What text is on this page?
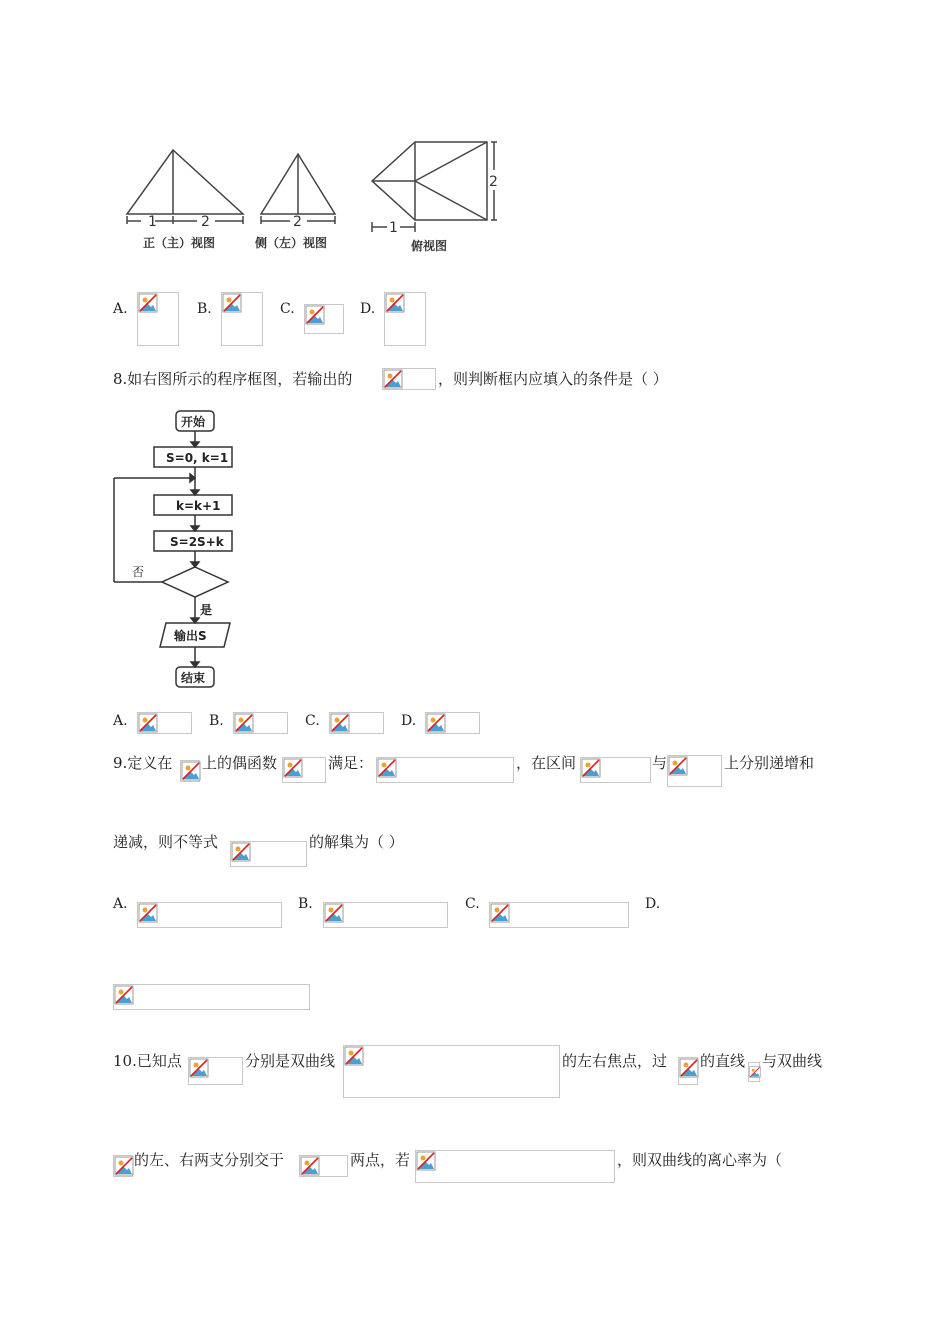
1	2
正（主）视图
2
侧（左）视图
2
1
俯视图
A.	B.	C.	D.
8.如右图所示的程序框图，若输出的	，则判断框内应填入的条件是（ ）
开始
S=0, k=1
k=k+1
S=2S+k
否
是
输出S
结束
A.	B.	C.	D.
9.定义在 上的偶函数	满足：	，在区间	与	上分别递增和
递减，则不等式	的解集为（ ）
A.	B.	C.	D.
10.已知点	分别是双曲线	的左右焦点，过 的直线 与双曲线
的左、右两支分别交于	两点，若	，则双曲线的离心率为（
